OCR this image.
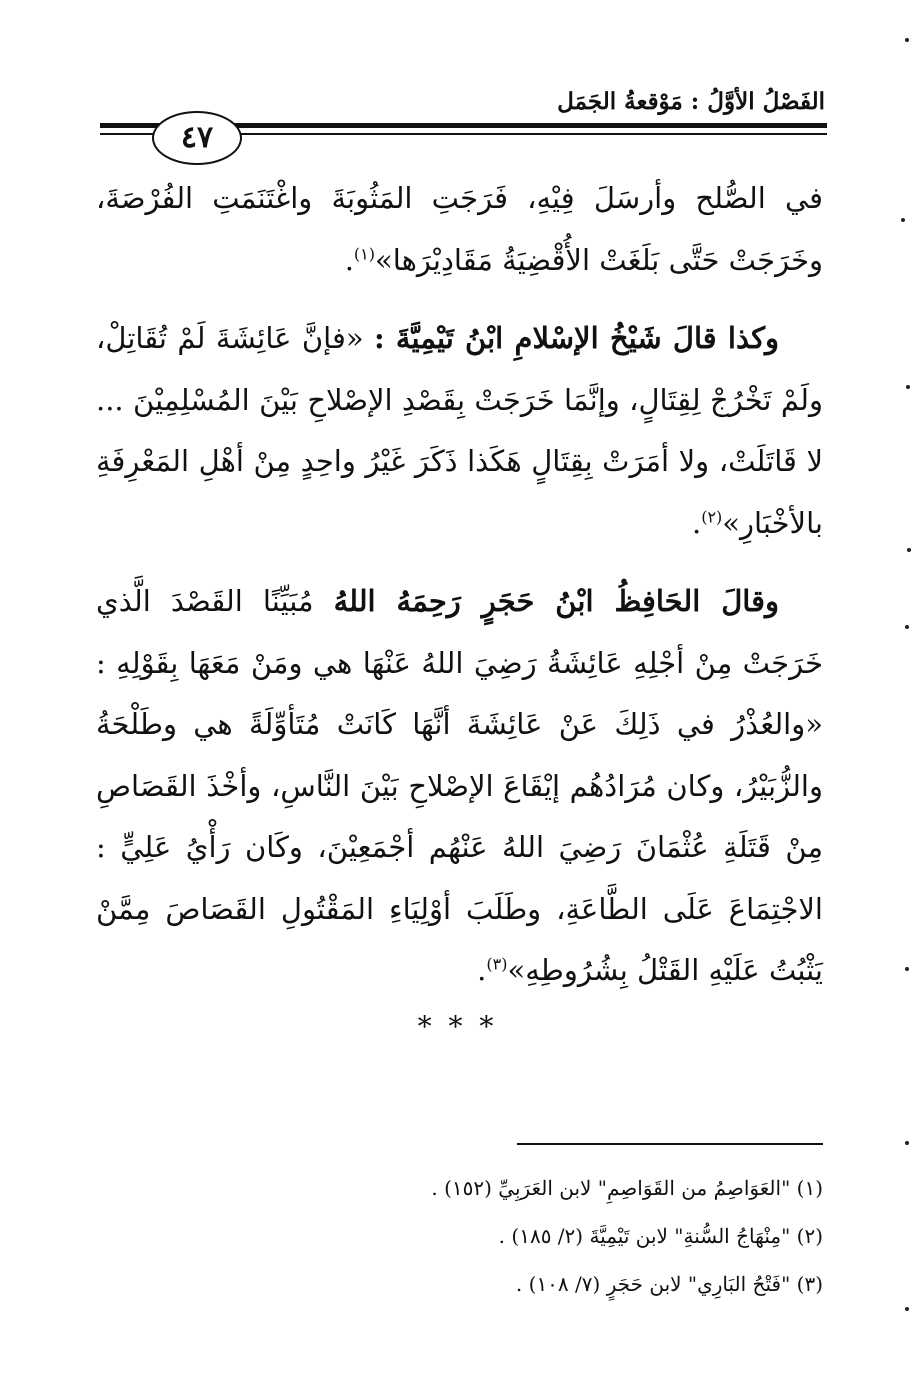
الفَصْلُ الأوَّلُ : مَوْقعةُ الجَمَل
٤٧

في الصُّلح وأرسَلَ فِيْهِ، فَرَجَتِ المَثُوبَةَ واغْتَنَمَتِ الفُرْصَةَ، وخَرَجَتْ حَتَّى بَلَغَتْ الأُقْضِيَةُ مَقَادِيْرَها»$^{(١)}$.

وكذا قالَ شَيْخُ الإسْلامِ ابْنُ تَيْمِيَّةَ : «فإنَّ عَائِشَةَ لَمْ تُقَاتِلْ، ولَمْ تَخْرُجْ لِقِتَالٍ، وإنَّمَا خَرَجَتْ بِقَصْدِ الإصْلاحِ بَيْنَ المُسْلِمِيْنَ ... لا قَاتَلَتْ، ولا أمَرَتْ بِقِتَالٍ هَكَذا ذَكَرَ غَيْرُ واحِدٍ مِنْ أهْلِ المَعْرِفَةِ بالأخْبَارِ»$^{(٢)}$.

وقالَ الحَافِظُ ابْنُ حَجَرٍ رَحِمَهُ اللهُ مُبَيِّنًا القَصْدَ الَّذي خَرَجَتْ مِنْ أجْلِهِ عَائِشَةُ رَضِيَ اللهُ عَنْهَا هي ومَنْ مَعَهَا بِقَوْلِهِ : «والعُذْرُ في ذَلِكَ عَنْ عَائِشَةَ أنَّهَا كَانَتْ مُتَأوِّلَةً هي وطَلْحَةُ والزُّبَيْرُ، وكان مُرَادُهُم إيْقَاعَ الإصْلاحِ بَيْنَ النَّاسِ، وأخْذَ القَصَاصِ مِنْ قَتَلَةِ عُثْمَانَ رَضِيَ اللهُ عَنْهُم أجْمَعِيْنَ، وكَان رَأْيُ عَلِيٍّ : الاجْتِمَاعَ عَلَى الطَّاعَةِ، وطَلَبَ أوْلِيَاءِ المَقْتُولِ القَصَاصَ مِمَّنْ يَثْبُتُ عَلَيْهِ القَتْلُ بِشُرُوطِهِ»$^{(٣)}$.

* * *
(١) "العَوَاصِمُ من القَوَاصِمِ" لابن العَرَبِيِّ (١٥٢) .
(٢) "مِنْهَاجُ السُّنةِ" لابن تَيْمِيَّةَ (٢/ ١٨٥) .
(٣) "فَتْحُ البَارِي" لابن حَجَرٍ (٧/ ١٠٨) .
